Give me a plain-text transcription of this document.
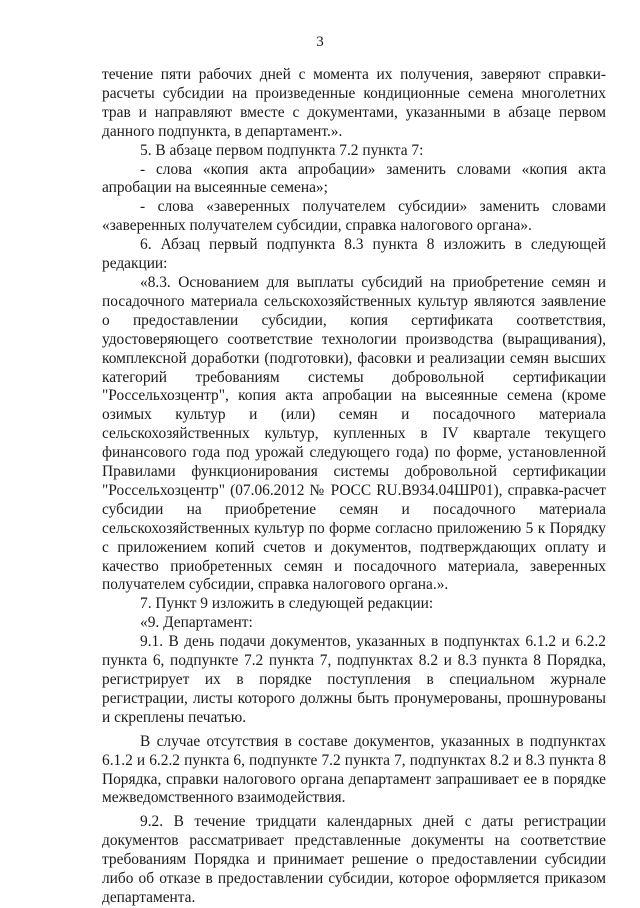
3

течение пяти рабочих дней с момента их получения, заверяют справки-расчеты субсидии на произведенные кондиционные семена многолетних трав и направляют вместе с документами, указанными в абзаце первом данного подпункта, в департамент.».

5. В абзаце первом подпункта 7.2 пункта 7:

- слова «копия акта апробации» заменить словами «копия акта апробации на высеянные семена»;

- слова «заверенных получателем субсидии» заменить словами «заверенных получателем субсидии, справка налогового органа».

6. Абзац первый подпункта 8.3 пункта 8 изложить в следующей редакции:

«8.3. Основанием для выплаты субсидий на приобретение семян и посадочного материала сельскохозяйственных культур являются заявление о предоставлении субсидии, копия сертификата соответствия, удостоверяющего соответствие технологии производства (выращивания), комплексной доработки (подготовки), фасовки и реализации семян высших категорий требованиям системы добровольной сертификации "Россельхозцентр", копия акта апробации на высеянные семена (кроме озимых культур и (или) семян и посадочного материала сельскохозяйственных культур, купленных в IV квартале текущего финансового года под урожай следующего года) по форме, установленной Правилами функционирования системы добровольной сертификации "Россельхозцентр" (07.06.2012 № РОСС RU.В934.04ШР01), справка-расчет субсидии на приобретение семян и посадочного материала сельскохозяйственных культур по форме согласно приложению 5 к Порядку с приложением копий счетов и документов, подтверждающих оплату и качество приобретенных семян и посадочного материала, заверенных получателем субсидии, справка налогового органа.».

7. Пункт 9 изложить в следующей редакции:

«9. Департамент:

9.1. В день подачи документов, указанных в подпунктах 6.1.2 и 6.2.2 пункта 6, подпункте 7.2 пункта 7, подпунктах 8.2 и 8.3 пункта 8 Порядка, регистрирует их в порядке поступления в специальном журнале регистрации, листы которого должны быть пронумерованы, прошнурованы и скреплены печатью.

В случае отсутствия в составе документов, указанных в подпунктах 6.1.2 и 6.2.2 пункта 6, подпункте 7.2 пункта 7, подпунктах 8.2 и 8.3 пункта 8 Порядка, справки налогового органа департамент запрашивает ее в порядке межведомственного взаимодействия.

9.2. В течение тридцати календарных дней с даты регистрации документов рассматривает представленные документы на соответствие требованиям Порядка и принимает решение о предоставлении субсидии либо об отказе в предоставлении субсидии, которое оформляется приказом департамента.
